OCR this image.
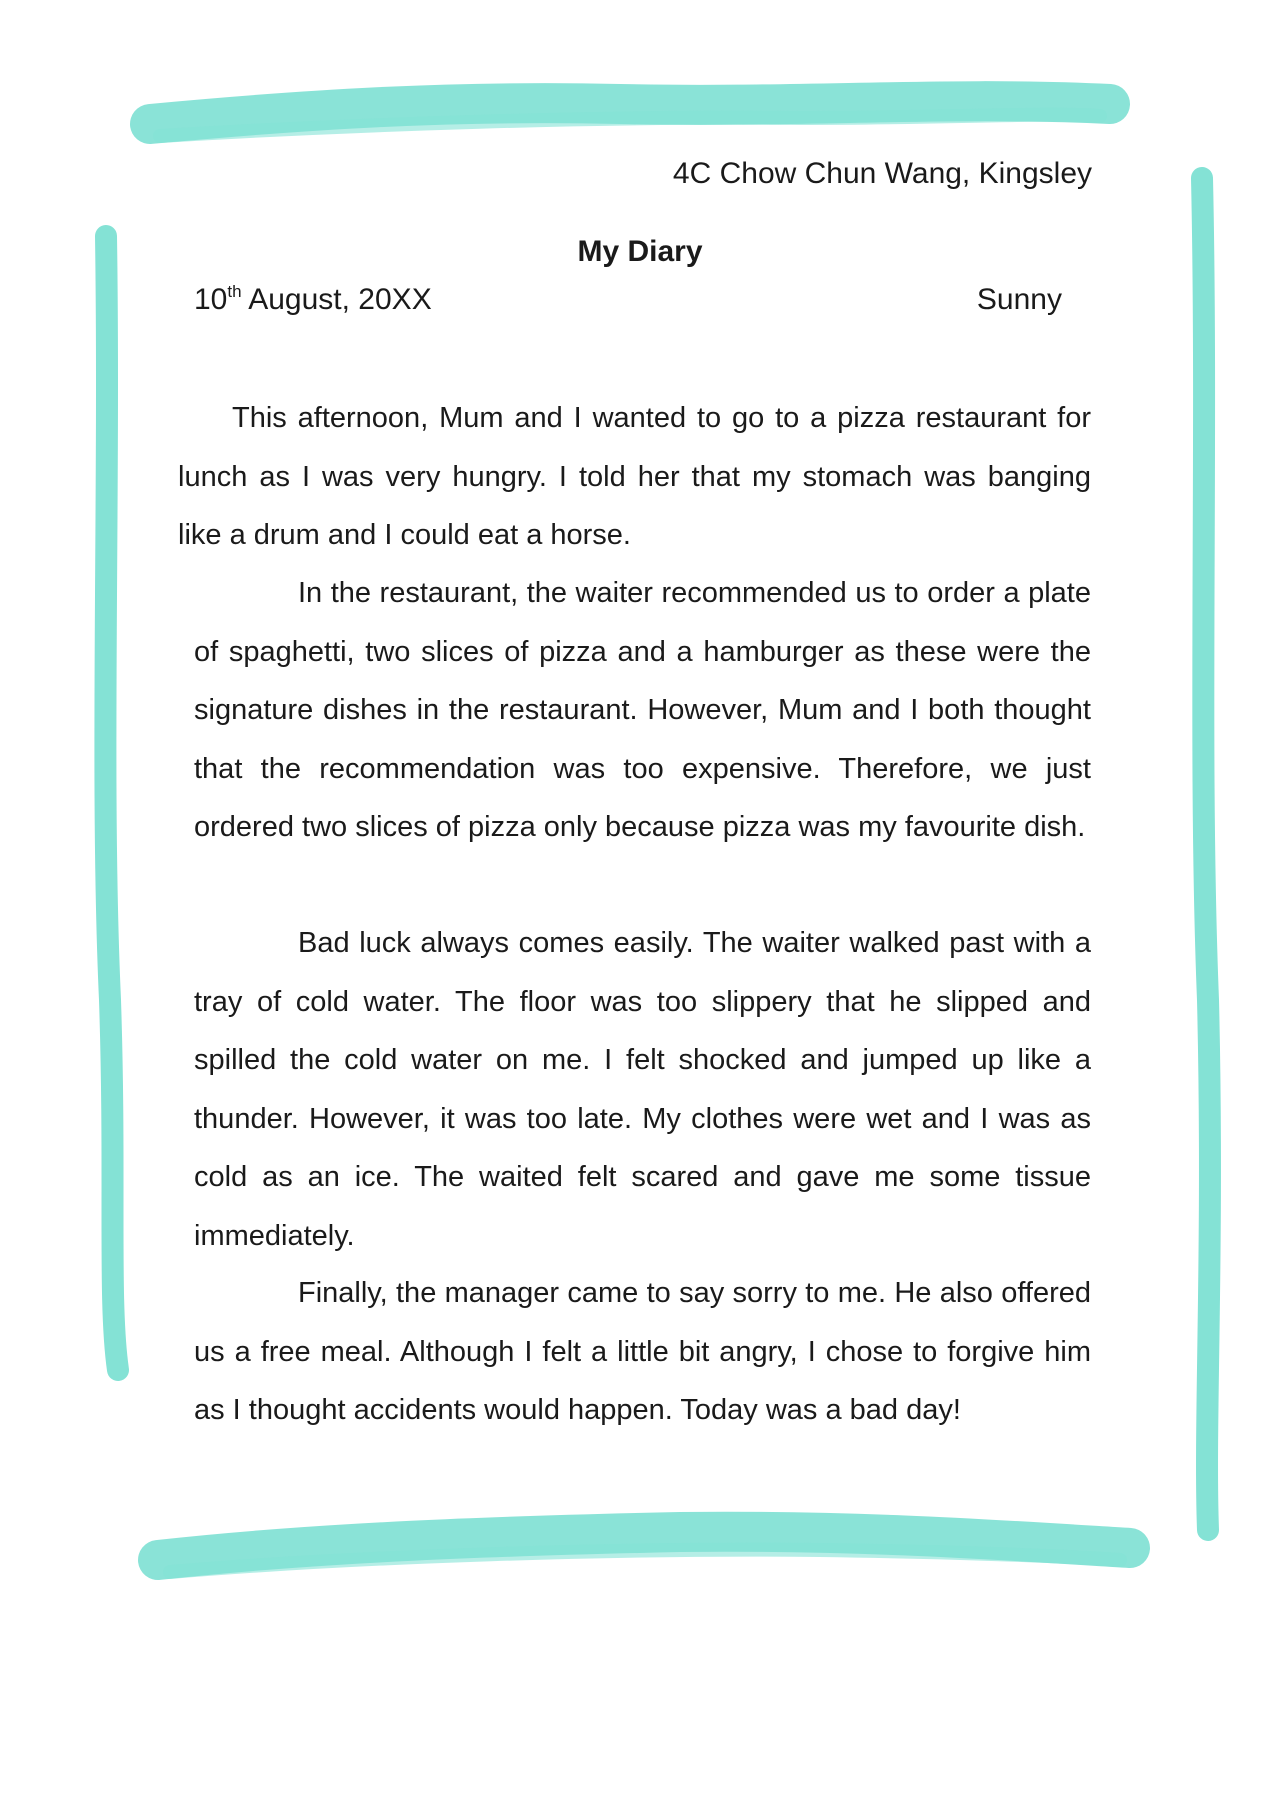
4C Chow Chun Wang, Kingsley
My Diary
10th August, 20XX	Sunny

This afternoon, Mum and I wanted to go to a pizza restaurant for lunch as I was very hungry. I told her that my stomach was banging like a drum and I could eat a horse.

In the restaurant, the waiter recommended us to order a plate of spaghetti, two slices of pizza and a hamburger as these were the signature dishes in the restaurant. However, Mum and I both thought that the recommendation was too expensive. Therefore, we just ordered two slices of pizza only because pizza was my favourite dish.

Bad luck always comes easily. The waiter walked past with a tray of cold water. The floor was too slippery that he slipped and spilled the cold water on me. I felt shocked and jumped up like a thunder. However, it was too late. My clothes were wet and I was as cold as an ice. The waited felt scared and gave me some tissue immediately.

Finally, the manager came to say sorry to me. He also offered us a free meal. Although I felt a little bit angry, I chose to forgive him as I thought accidents would happen. Today was a bad day!
